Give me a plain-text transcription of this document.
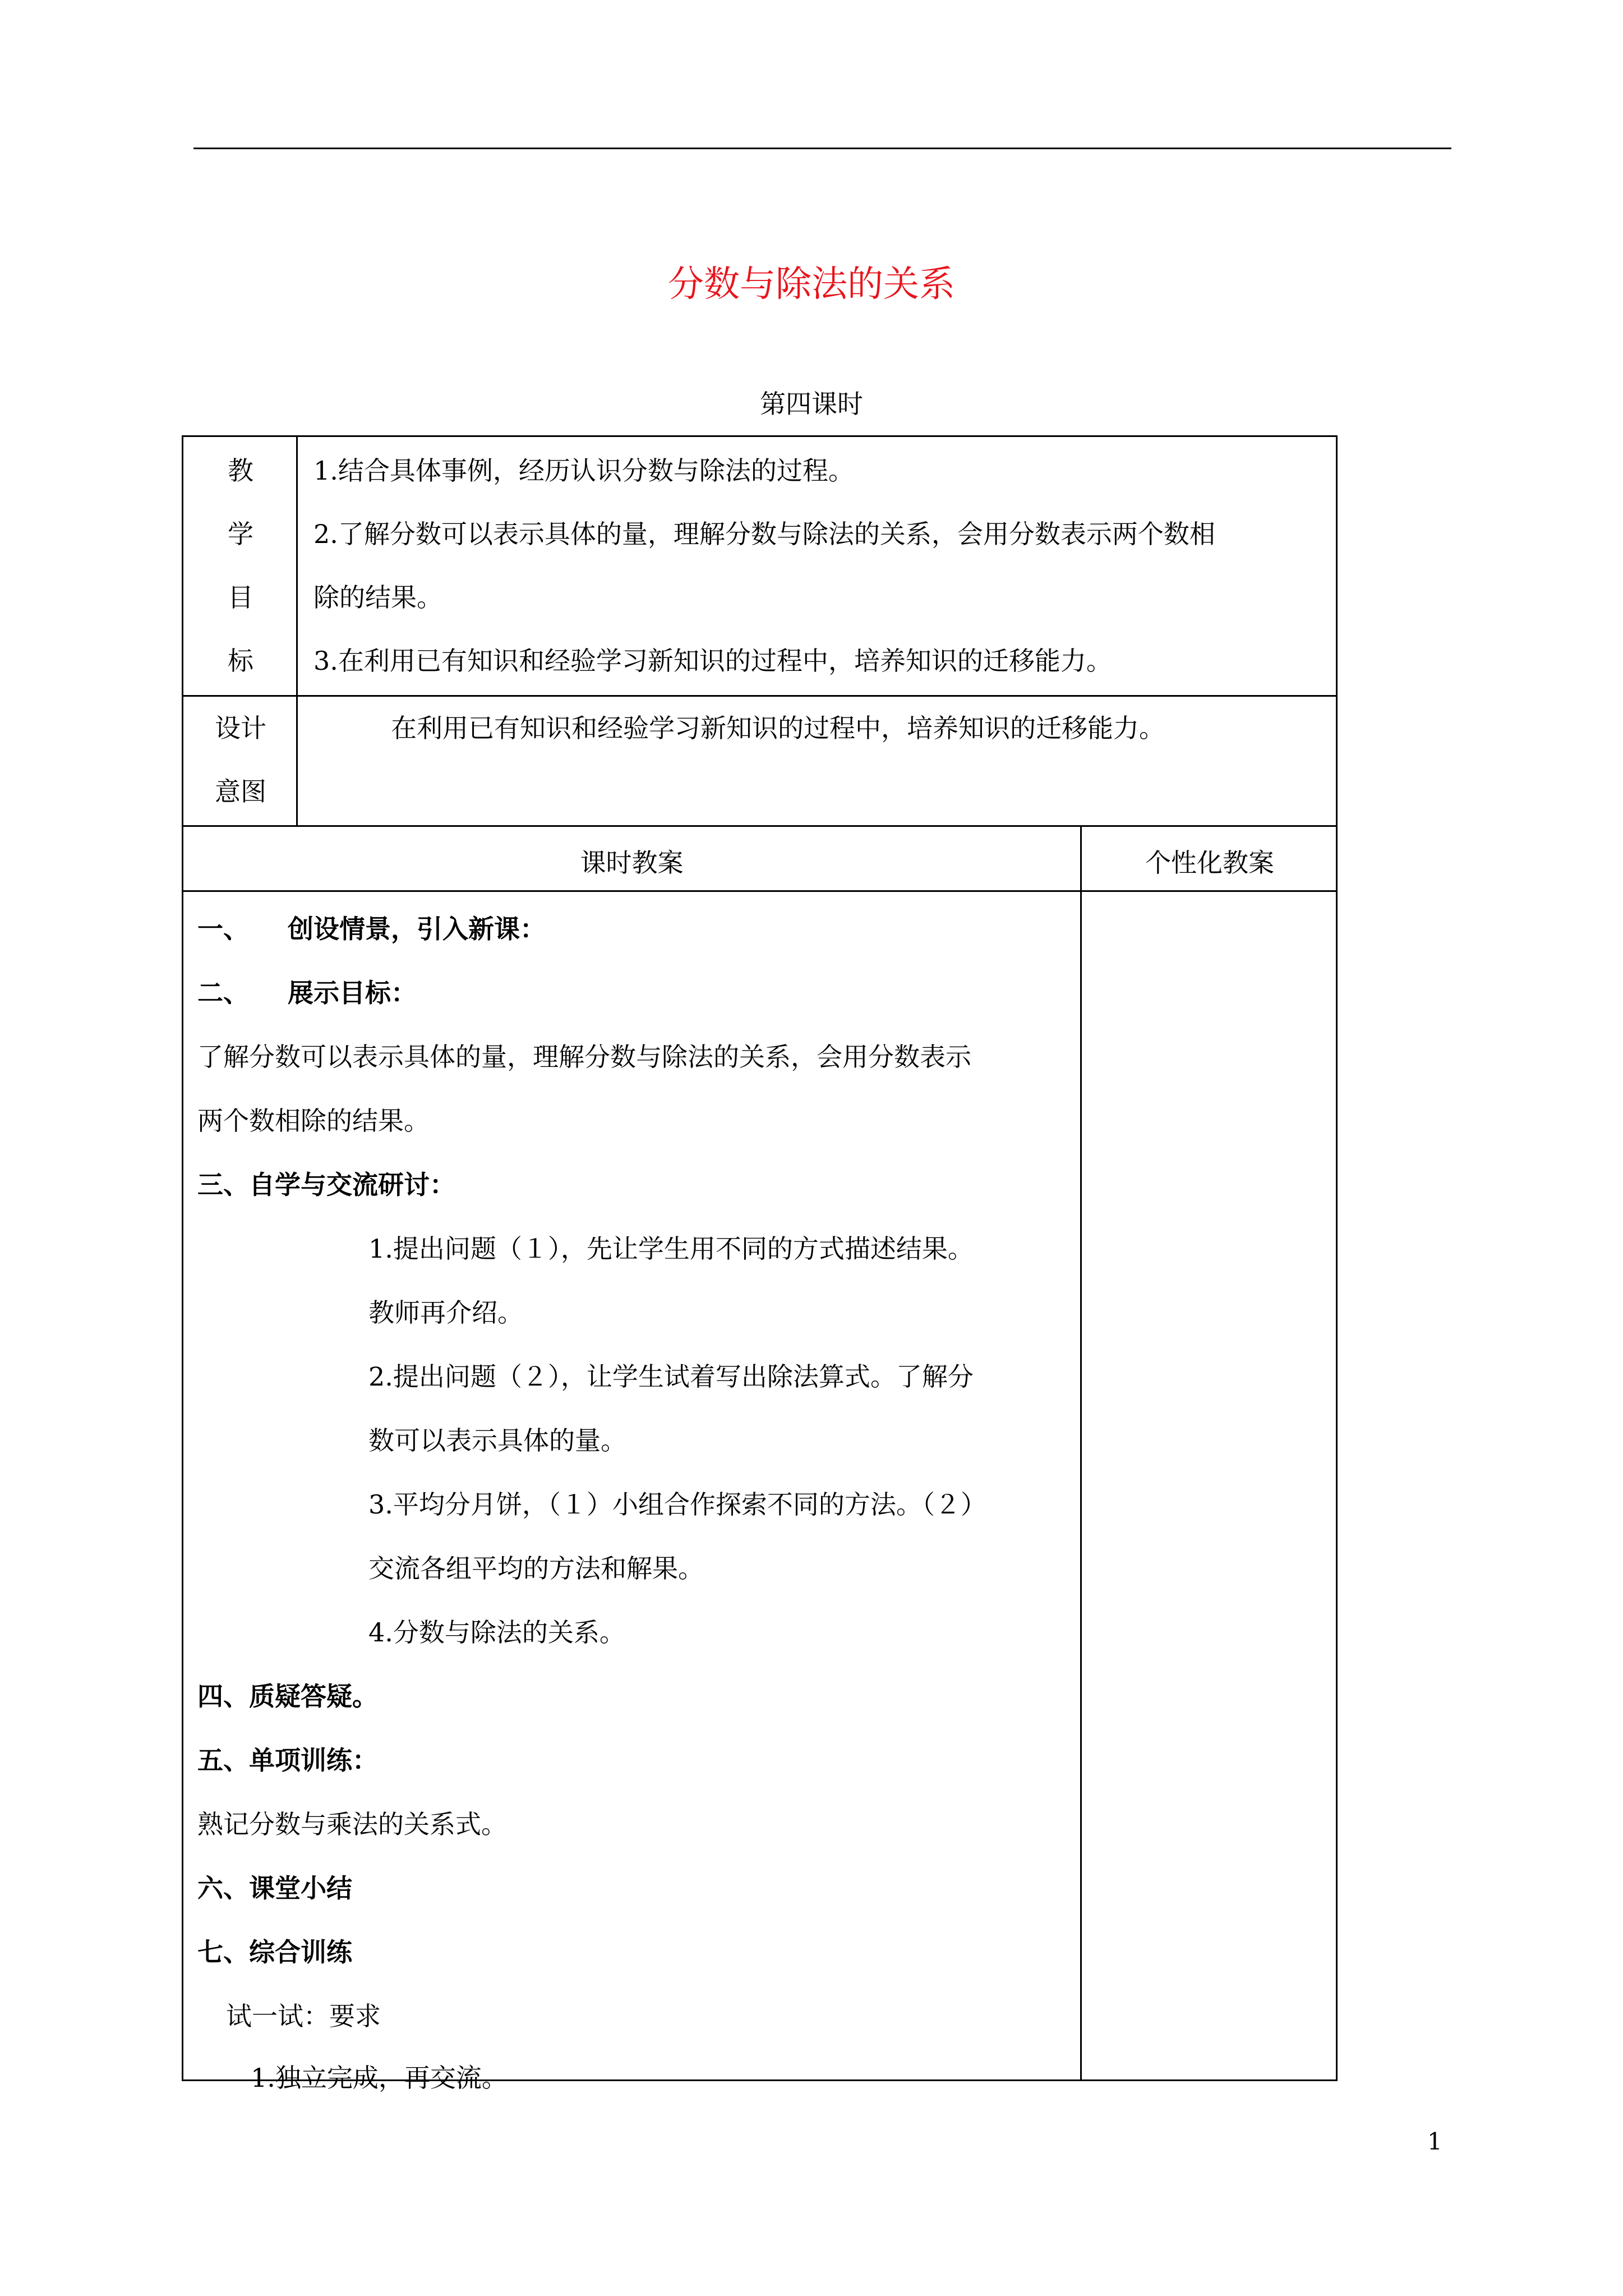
分数与除法的关系
第四课时
教
学
目
标
1.结合具体事例，经历认识分数与除法的过程。
2.了解分数可以表示具体的量，理解分数与除法的关系，会用分数表示两个数相
除的结果。
3.在利用已有知识和经验学习新知识的过程中，培养知识的迁移能力。
设计
意图
在利用已有知识和经验学习新知识的过程中，培养知识的迁移能力。
课时教案	个性化教案
一、　　创设情景，引入新课：
二、　　展示目标：
了解分数可以表示具体的量，理解分数与除法的关系，会用分数表示
两个数相除的结果。
三、自学与交流研讨：
1.提出问题（１），先让学生用不同的方式描述结果。
教师再介绍。
2.提出问题（２），让学生试着写出除法算式。了解分
数可以表示具体的量。
3.平均分月饼，（１）小组合作探索不同的方法。（２）
交流各组平均的方法和解果。
4.分数与除法的关系。
四、质疑答疑。
五、单项训练：
熟记分数与乘法的关系式。
六、课堂小结
七、综合训练
试一试：要求
1.独立完成，再交流。
1
